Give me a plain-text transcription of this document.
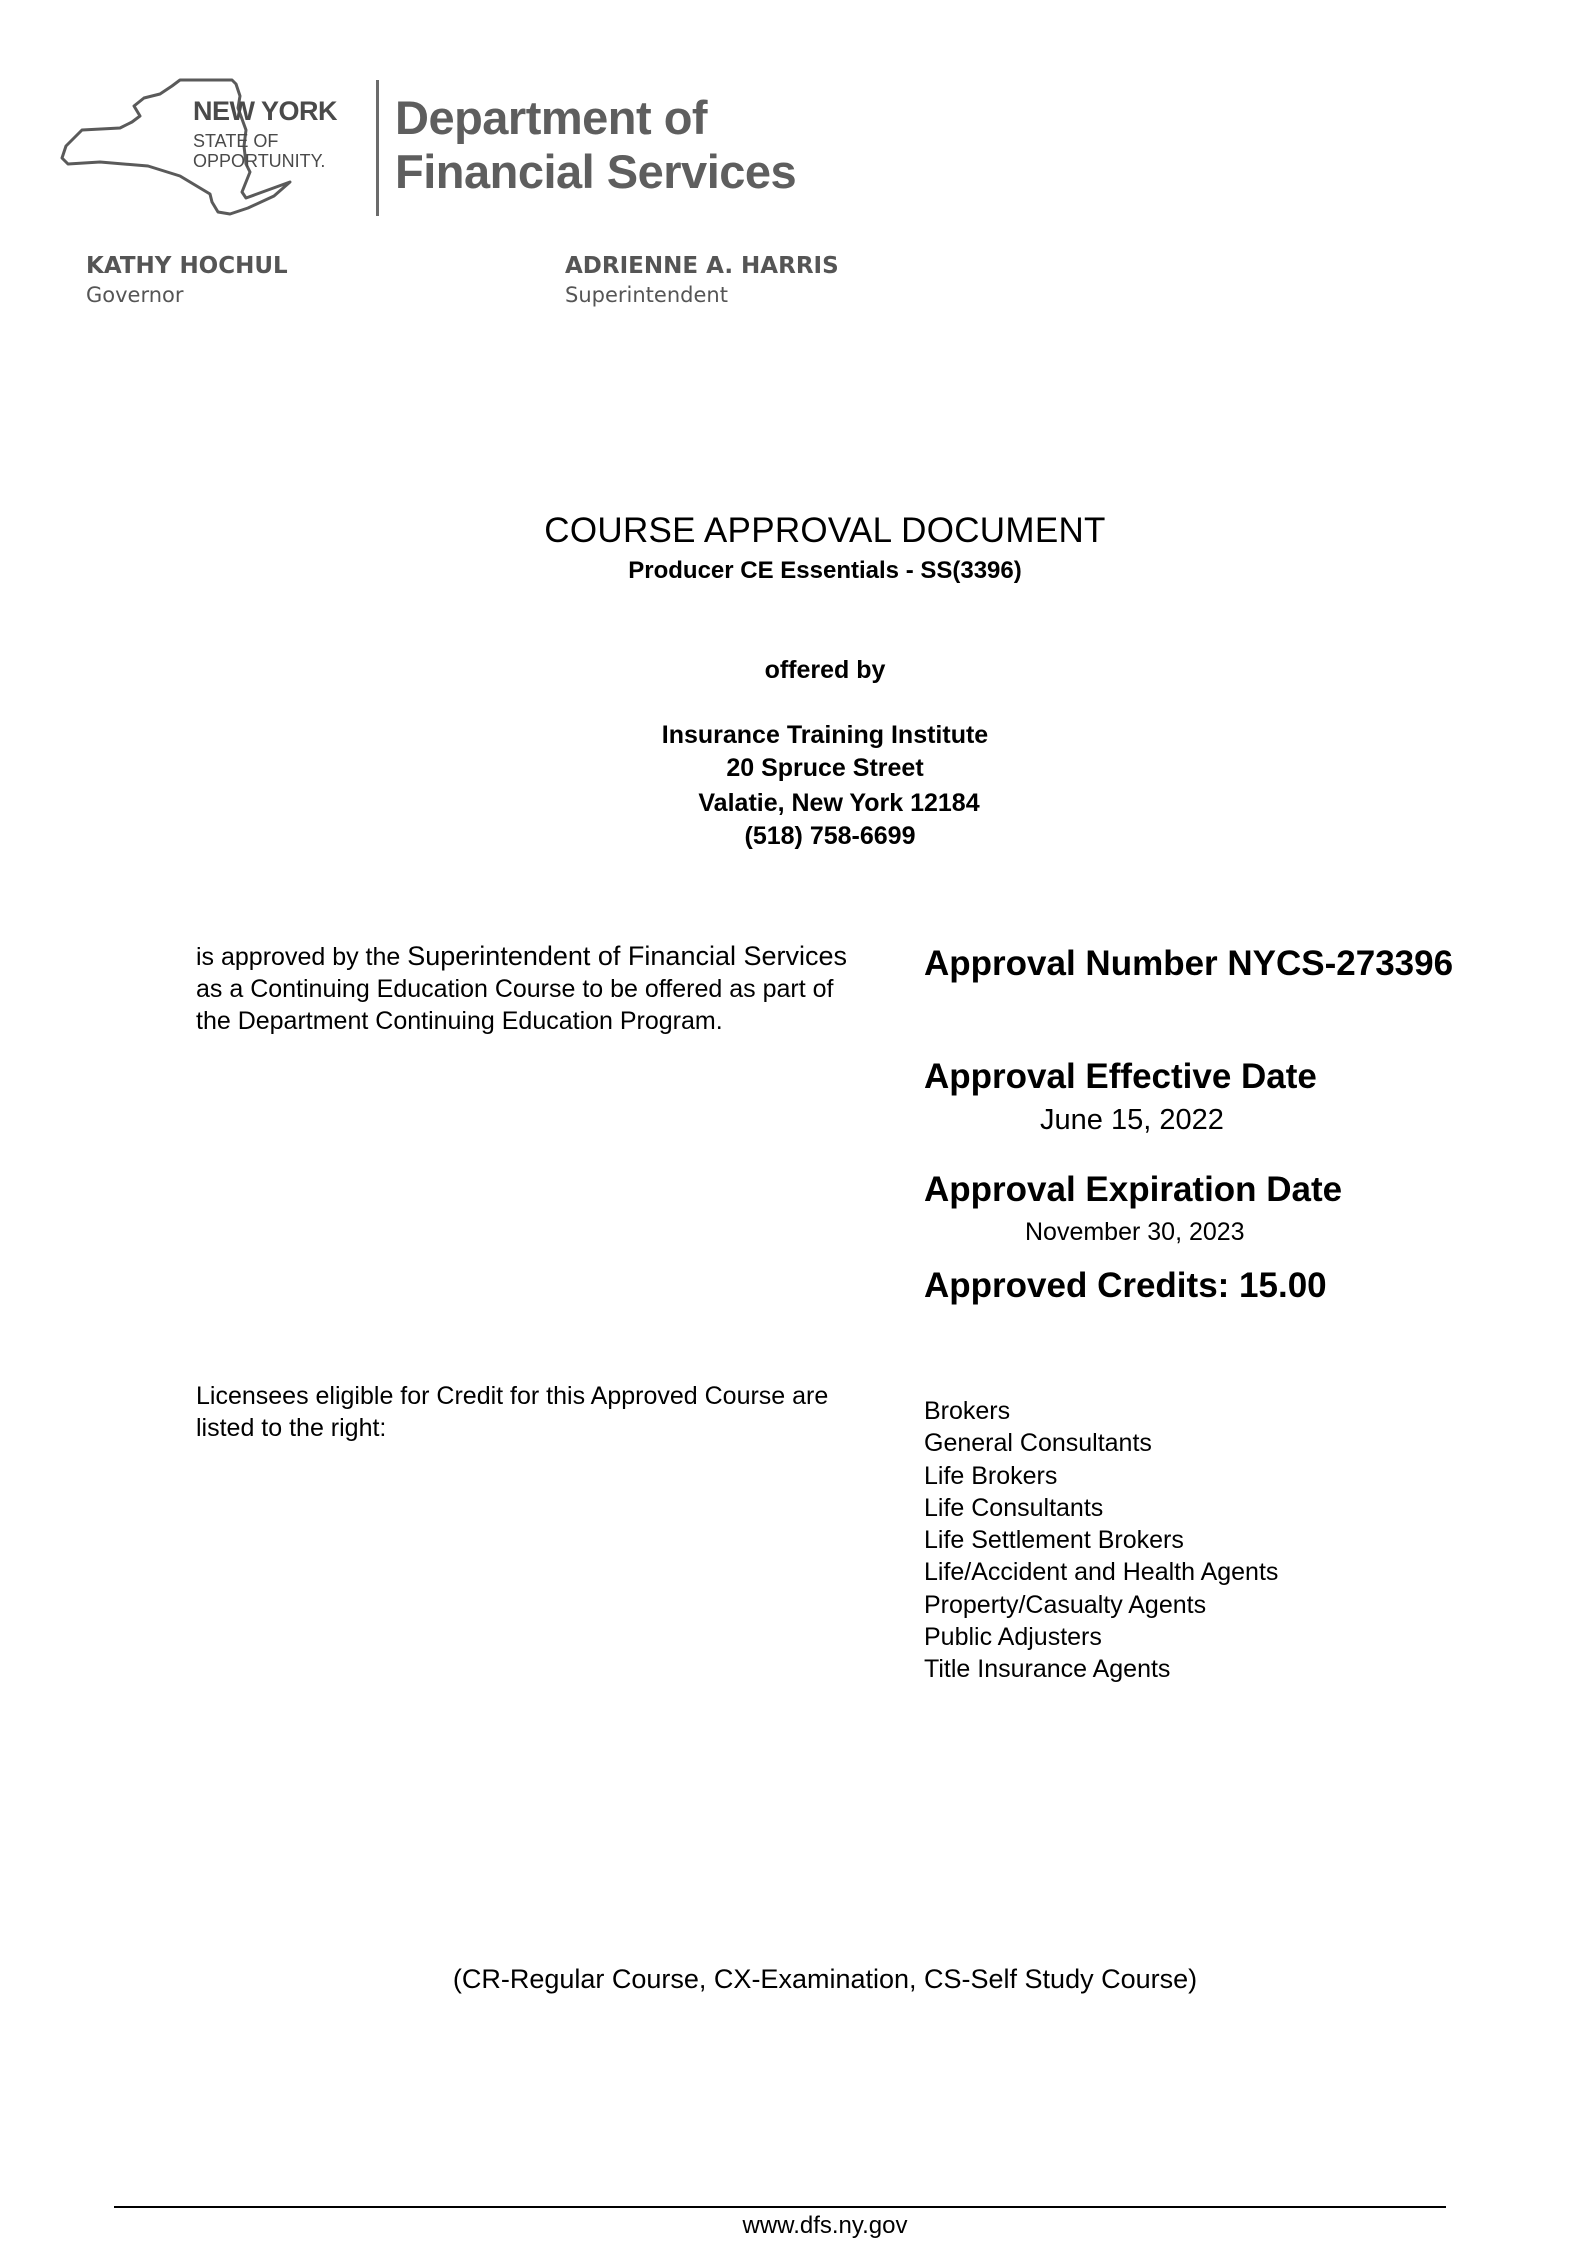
NEW YORK
STATE OF
OPPORTUNITY.
Department of
Financial Services
KATHY HOCHUL
Governor
ADRIENNE A. HARRIS
Superintendent
COURSE APPROVAL DOCUMENT
Producer CE Essentials - SS(3396)
offered by
Insurance Training Institute
20 Spruce Street
Valatie, New York 12184
(518) 758-6699
is approved by the Superintendent of Financial Services as a Continuing Education Course to be offered as part of the Department Continuing Education Program.
Approval Number NYCS-273396
Approval Effective Date
June 15, 2022
Approval Expiration Date
November 30, 2023
Approved Credits: 15.00
Licensees eligible for Credit for this Approved Course are listed to the right:
Brokers
General Consultants
Life Brokers
Life Consultants
Life Settlement Brokers
Life/Accident and Health Agents
Property/Casualty Agents
Public Adjusters
Title Insurance Agents
(CR-Regular Course, CX-Examination, CS-Self Study Course)
www.dfs.ny.gov
